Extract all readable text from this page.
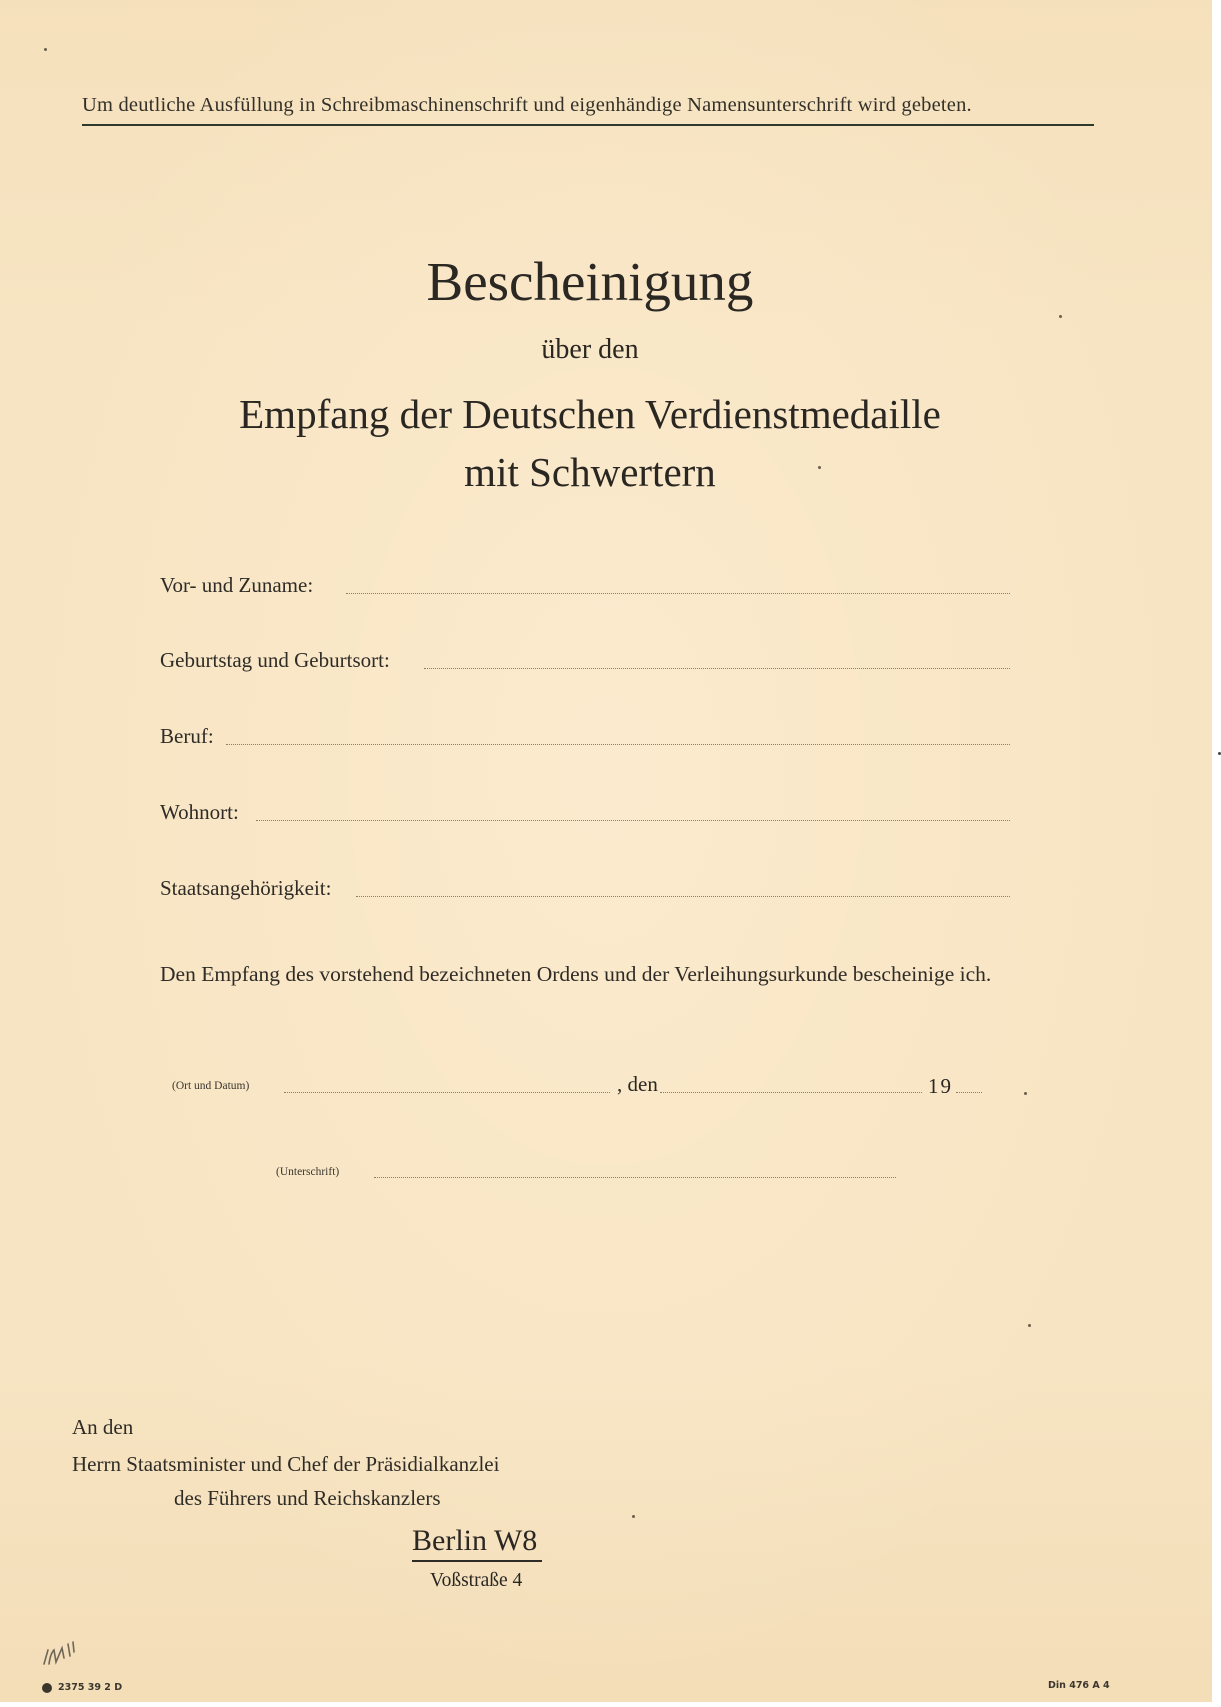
Um deutliche Ausfüllung in Schreibmaschinenschrift und eigenhändige Namensunterschrift wird gebeten.
Bescheinigung
über den
Empfang der Deutschen Verdienstmedaille
mit Schwertern
Vor- und Zuname:
Geburtstag und Geburtsort:
Beruf:
Wohnort:
Staatsangehörigkeit:
Den Empfang des vorstehend bezeichneten Ordens und der Verleihungsurkunde bescheinige ich.
(Ort und Datum)	, den	19
(Unterschrift)
An den
Herrn Staatsminister und Chef der Präsidialkanzlei
des Führers und Reichskanzlers
Berlin W8
Voßstraße 4
2375 39 2 D	Din 476 A 4
